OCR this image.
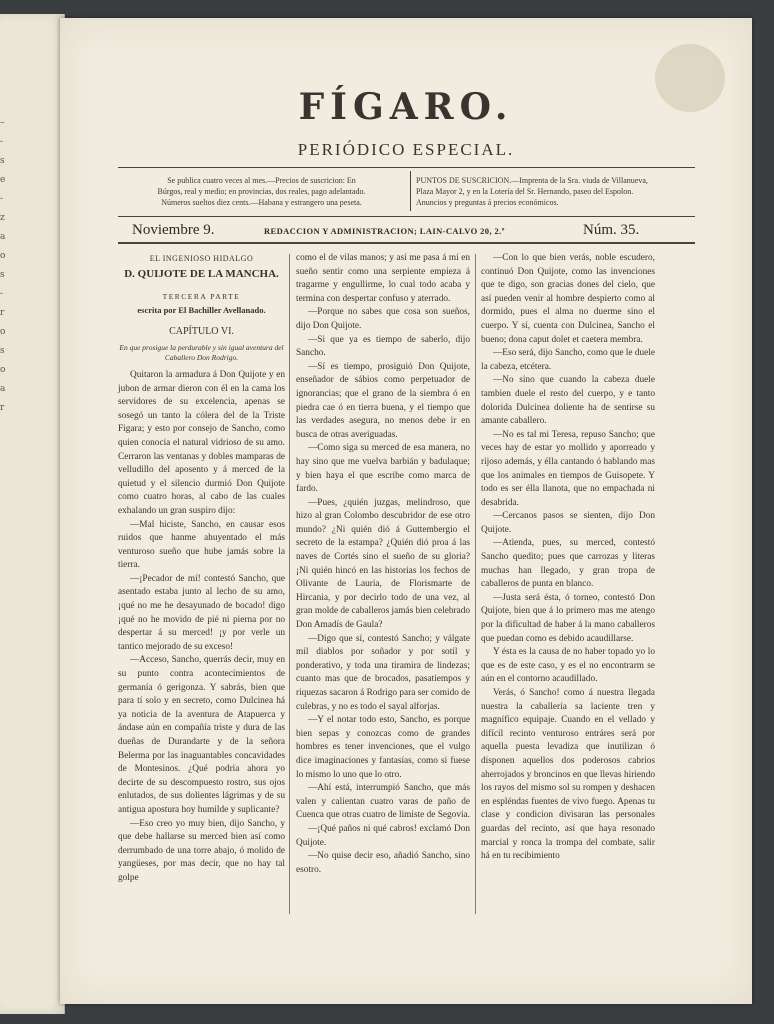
–
-
s
e
-
z
a
o
s
-
r
o
s
o
a
r
FÍGARO.
PERIÓDICO ESPECIAL.
Se publica cuatro veces al mes.—Precios de suscricion: En
Búrgos, real y medio; en provincias, dos reales, pago adelantado.
Números sueltos diez cents.—Habana y estrangero una peseta.
PUNTOS DE SUSCRICION.—Imprenta de la Sra. viuda de Villanueva,
Plaza Mayor 2, y en la Lotería del Sr. Hernando, paseo del Espolon.
Anuncios y preguntas á precios económicos.
Noviembre 9.	REDACCION Y ADMINISTRACION; LAIN-CALVO 20, 2.º	Núm. 35.

EL INGENIOSO HIDALGO

D. QUIJOTE DE LA MANCHA.

TERCERA PARTE

escrita por El Bachiller Avellanado.

CAPÍTULO VI.

En que prosigue la perdurable y sin igual aventura del Caballero Don Rodrigo.

Quitaron la armadura á Don Quijote y en jubon de armar dieron con él en la cama los servidores de su excelencia, apenas se sosegó un tanto la cólera del de la Triste Figara; y esto por consejo de Sancho, como quien conocia el natural vidrioso de su amo. Cerraron las ventanas y dobles mamparas de velludillo del aposento y á merced de la quietud y el silencio durmió Don Quijote como cuatro horas, al cabo de las cuales exhalando un gran suspiro dijo:

—Mal hiciste, Sancho, en causar esos ruidos que hanme ahuyentado el más venturoso sueño que hube jamás sobre la tierra.

—¡Pecador de mí! contestó Sancho, que asentado estaba junto al lecho de su amo, ¡qué no me he desayunado de bocado! digo ¡qué no he movido de pié ni pierna por no despertar á su merced! ¡y por verle un tantico mejorado de su exceso!

—Acceso, Sancho, querrás decir, muy en su punto contra acontecimientos de germanía ó gerigonza. Y sabrás, bien que para tí solo y en secreto, como Dulcinea há ya noticia de la aventura de Atapuerca y ándase aún en compañía triste y dura de las dueñas de Durandarte y de la señora Belerma por las inaguantables concavidades de Montesinos. ¿Qué podria ahora yo decirte de su descompuesto rostro, sus ojos enlutados, de sus dolientes lágrimas y de su antigua apostura hoy humilde y suplicante?

—Eso creo yo muy bien, dijo Sancho, y que debe hallarse su merced bien así como derrumbado de una torre abajo, ó molido de yangüeses, por mas decir, que no hay tal golpe

como el de vilas manos; y así me pasa á mí en sueño sentir como una serpiente empieza á tragarme y engullirme, lo cual todo acaba y termina con despertar confuso y aterrado.

—Porque no sabes que cosa son sueños, dijo Don Quijote.

—Si que ya es tiempo de saberlo, dijo Sancho.

—Sí es tiempo, prosiguió Don Quijote, enseñador de sábios como perpetuador de ignorancias; que el grano de la siembra ó en piedra cae ó en tierra buena, y el tiempo que las verdades asegura, no menos debe ir en busca de otras averiguadas.

—Como siga su merced de esa manera, no hay sino que me vuelva barbián y badulaque; y bien haya el que escribe como marca de fardo.

—Pues, ¿quién juzgas, melindroso, que hizo al gran Colombo descubridor de ese otro mundo? ¿Ni quién dió á Guttembergio el secreto de la estampa? ¿Quién dió proa á las naves de Cortés sino el sueño de su gloria? ¡Ni quién hincó en las historias los fechos de Olivante de Lauria, de Florismarte de Hircania, y por decirlo todo de una vez, al gran molde de caballeros jamás bien celebrado Don Amadís de Gaula?

—Digo que sí, contestó Sancho; y válgate mil diablos por soñador y por sotil y ponderativo, y toda una tiramira de lindezas; cuanto mas que de brocados, pasatiempos y riquezas sacaron á Rodrigo para ser comido de culebras, y no es todo el sayal alforjas.

—Y el notar todo esto, Sancho, es porque bien sepas y conozcas como de grandes hombres es tener invenciones, que el vulgo dice imaginaciones y fantasías, como si fuese lo mismo lo uno que lo otro.

—Ahí está, interrumpió Sancho, que más valen y calientan cuatro varas de paño de Cuenca que otras cuatro de limiste de Segovia.

—¡Qué paños ni qué cabros! exclamó Don Quijote.

—No quise decir eso, añadió Sancho, sino esotro.

—Con lo que bien verás, noble escudero, continuó Don Quijote, como las invenciones que te digo, son gracias dones del cielo, que así pueden venir al hombre despierto como al dormido, pues el alma no duerme sino el cuerpo. Y sí, cuenta con Dulcinea, Sancho el bueno; dona caput dolet et caetera membra.

—Eso será, dijo Sancho, como que le duele la cabeza, etcétera.

—No sino que cuando la cabeza duele tambien duele el resto del cuerpo, y e tanto dolorida Dulcinea doliente ha de sentirse su amante caballero.

—No es tal mi Teresa, repuso Sancho; que veces hay de estar yo mollido y aporreado y rijoso además, y élla cantando ó hablando mas que los animales en tiempos de Guisopete. Y todo es ser élla llanota, que no empachada ni desabrida.

—Cercanos pasos se sienten, dijo Don Quijote.

—Atienda, pues, su merced, contestó Sancho quedito; pues que carrozas y literas muchas han llegado, y gran tropa de caballeros de punta en blanco.

—Justa será ésta, ó torneo, contestó Don Quijote, bien que á lo primero mas me atengo por la dificultad de haber á la mano caballeros que puedan como es debido acaudillarse.

Y ésta es la causa de no haber topado yo lo que es de este caso, y es el no encontrarm se aún en el contorno acaudillado.

Verás, ó Sancho! como á nuestra llegada nuestra la caballería sa laciente tren y magnífico equipaje. Cuando en el vellado y difícil recinto venturoso entráres será por aquella puesta levadiza que inutilizan ó disponen aquellos dos poderosos cabrios aherrojados y broncinos en que llevas hiriendo los rayos del mismo sol su rompen y deshacen en espléndas fuentes de vivo fuego. Apenas tu clase y condicion divisaran las personales guardas del recinto, así que haya resonado marcial y ronca la trompa del combate, salir há en tu recibimiento
